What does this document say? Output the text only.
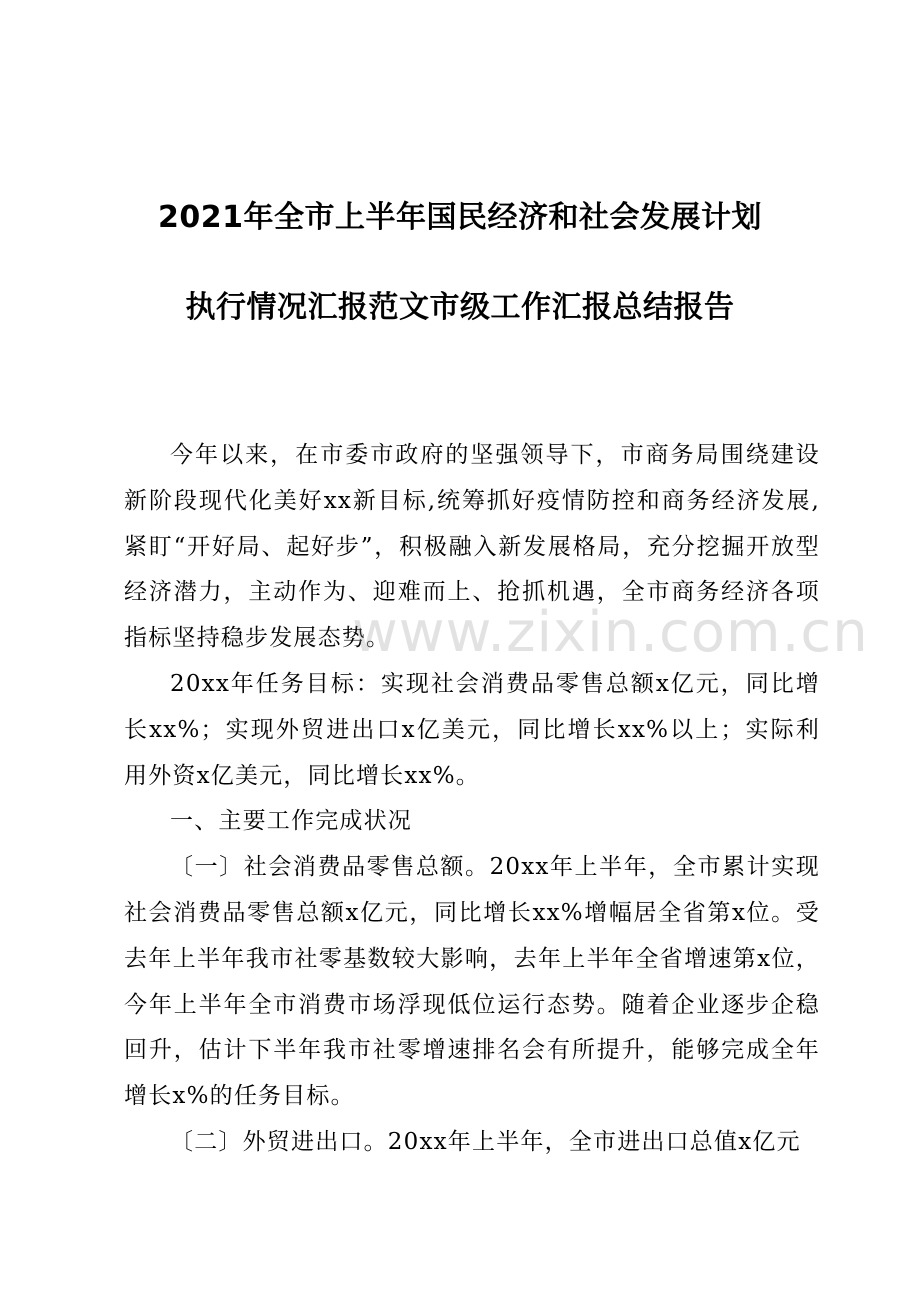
2021年全市上半年国民经济和社会发展计划
执行情况汇报范文市级工作汇报总结报告

今年以来，在市委市政府的坚强领导下，市商务局围绕建设新阶段现代化美好xx新目标,统筹抓好疫情防控和商务经济发展,紧盯“开好局、起好步”，积极融入新发展格局，充分挖掘开放型经济潜力，主动作为、迎难而上、抢抓机遇，全市商务经济各项指标坚持稳步发展态势。

20xx年任务目标：实现社会消费品零售总额x亿元，同比增长xx%；实现外贸进出口x亿美元，同比增长xx%以上；实际利用外资x亿美元，同比增长xx%。

一、主要工作完成状况

〔一〕社会消费品零售总额。20xx年上半年，全市累计实现社会消费品零售总额x亿元，同比增长xx%增幅居全省第x位。受去年上半年我市社零基数较大影响，去年上半年全省增速第x位，今年上半年全市消费市场浮现低位运行态势。随着企业逐步企稳回升，估计下半年我市社零增速排名会有所提升，能够完成全年增长x%的任务目标。

〔二〕外贸进出口。20xx年上半年，全市进出口总值x亿元

www.zixin.com.cn
